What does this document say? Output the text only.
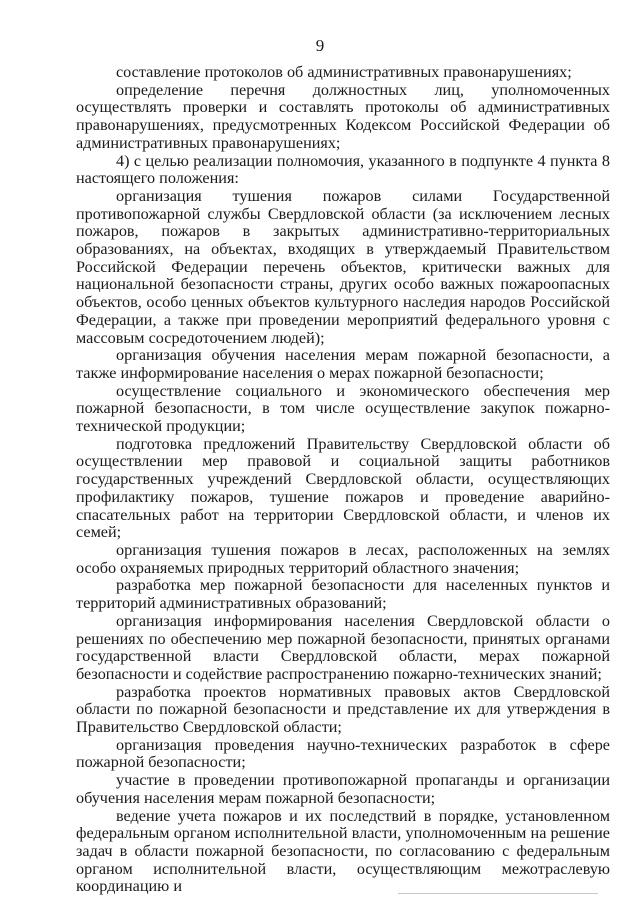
9

составление протоколов об административных правонарушениях;

определение перечня должностных лиц, уполномоченных осуществлять проверки и составлять протоколы об административных правонарушениях, предусмотренных Кодексом Российской Федерации об административных правонарушениях;

4) с целью реализации полномочия, указанного в подпункте 4 пункта 8 настоящего положения:

организация тушения пожаров силами Государственной противопожарной службы Свердловской области (за исключением лесных пожаров, пожаров в закрытых административно-территориальных образованиях, на объектах, входящих в утверждаемый Правительством Российской Федерации перечень объектов, критически важных для национальной безопасности страны, других особо важных пожароопасных объектов, особо ценных объектов культурного наследия народов Российской Федерации, а также при проведении мероприятий федерального уровня с массовым сосредоточением людей);

организация обучения населения мерам пожарной безопасности, а также информирование населения о мерах пожарной безопасности;

осуществление социального и экономического обеспечения мер пожарной безопасности, в том числе осуществление закупок пожарно-технической продукции;

подготовка предложений Правительству Свердловской области об осуществлении мер правовой и социальной защиты работников государственных учреждений Свердловской области, осуществляющих профилактику пожаров, тушение пожаров и проведение аварийно-спасательных работ на территории Свердловской области, и членов их семей;

организация тушения пожаров в лесах, расположенных на землях особо охраняемых природных территорий областного значения;

разработка мер пожарной безопасности для населенных пунктов и территорий административных образований;

организация информирования населения Свердловской области о решениях по обеспечению мер пожарной безопасности, принятых органами государственной власти Свердловской области, мерах пожарной безопасности и содействие распространению пожарно-технических знаний;

разработка проектов нормативных правовых актов Свердловской области по пожарной безопасности и представление их для утверждения в Правительство Свердловской области;

организация проведения научно-технических разработок в сфере пожарной безопасности;

участие в проведении противопожарной пропаганды и организации обучения населения мерам пожарной безопасности;

ведение учета пожаров и их последствий в порядке, установленном федеральным органом исполнительной власти, уполномоченным на решение задач в области пожарной безопасности, по согласованию с федеральным органом исполнительной власти, осуществляющим межотраслевую координацию и
